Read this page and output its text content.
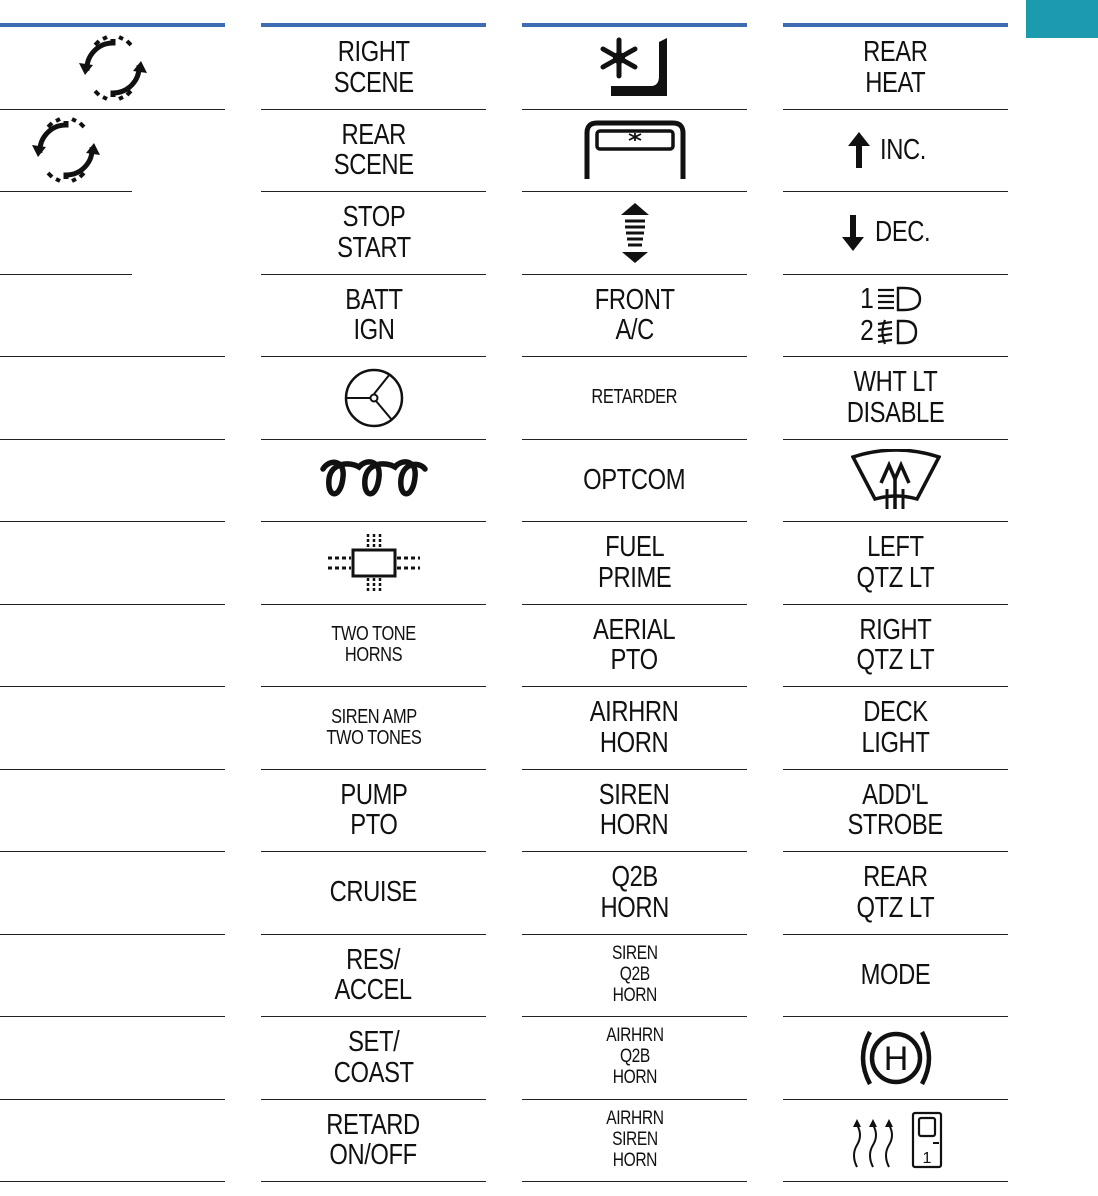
RIGHT
SCENE
REAR
SCENE
STOP
START
BATT
IGN
TWO TONE
HORNS
SIREN AMP
TWO TONES
PUMP
PTO
CRUISE
RES/
ACCEL
SET/
COAST
RETARD
ON/OFF
FRONT
A/C
RETARDER
OPTCOM
FUEL
PRIME
AERIAL
PTO
AIRHRN
HORN
SIREN
HORN
Q2B
HORN
SIREN
Q2B
HORN
AIRHRN
Q2B
HORN
AIRHRN
SIREN
HORN
REAR
HEAT
INC.
DEC.
1
2
WHT LT
DISABLE
LEFT
QTZ LT
RIGHT
QTZ LT
DECK
LIGHT
ADD'L
STROBE
REAR
QTZ LT
MODE
H
1
